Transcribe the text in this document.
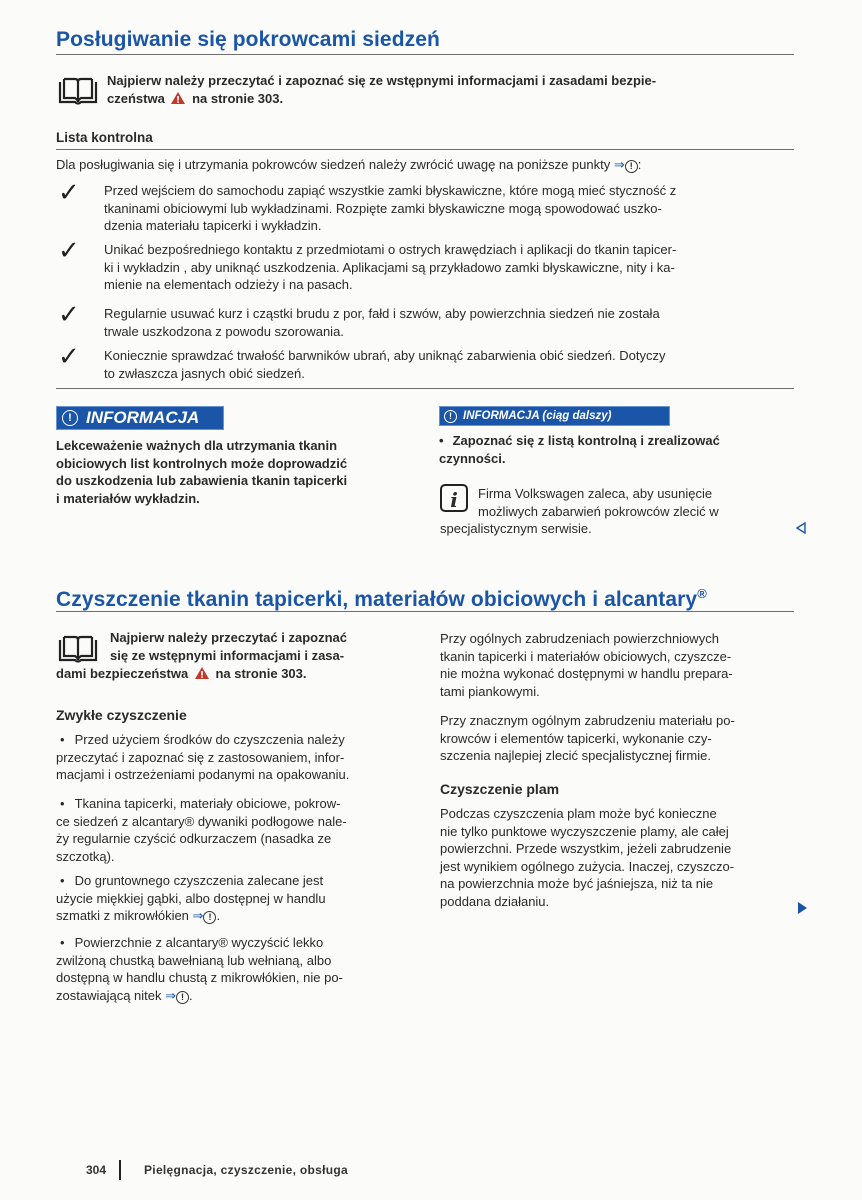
Posługiwanie się pokrowcami siedzeń
Najpierw należy przeczytać i zapoznać się ze wstępnymi informacjami i zasadami bezpie-
czeństwa na stronie 303.
Lista kontrolna
Dla posługiwania się i utrzymania pokrowców siedzeń należy zwrócić uwagę na poniższe punkty ⇒ ! :
✓ Przed wejściem do samochodu zapiąć wszystkie zamki błyskawiczne, które mogą mieć styczność z
tkaninami obiciowymi lub wykładzinami. Rozpięte zamki błyskawiczne mogą spowodować uszko-
dzenia materiału tapicerki i wykładzin.
✓ Unikać bezpośredniego kontaktu z przedmiotami o ostrych krawędziach i aplikacji do tkanin tapicer-
ki i wykładzin , aby uniknąć uszkodzenia. Aplikacjami są przykładowo zamki błyskawiczne, nity i ka-
mienie na elementach odzieży i na pasach.
✓ Regularnie usuwać kurz i cząstki brudu z por, fałd i szwów, aby powierzchnia siedzeń nie została
trwale uszkodzona z powodu szorowania.
✓ Koniecznie sprawdzać trwałość barwników ubrań, aby uniknąć zabarwienia obić siedzeń. Dotyczy
to zwłaszcza jasnych obić siedzeń.
! INFORMACJA
Lekceważenie ważnych dla utrzymania tkanin
obiciowych list kontrolnych może doprowadzić
do uszkodzenia lub zabawienia tkanin tapicerki
i materiałów wykładzin.
! INFORMACJA (ciąg dalszy)
• Zapoznać się z listą kontrolną i zrealizować
czynności.
i	Firma Volkswagen zaleca, aby usunięcie
możliwych zabarwień pokrowców zlecić w
specjalistycznym serwisie.
Czyszczenie tkanin tapicerki, materiałów obiciowych i alcantary®
Najpierw należy przeczytać i zapoznać
się ze wstępnymi informacjami i zasa-
dami bezpieczeństwa na stronie 303.
Zwykłe czyszczenie
• Przed użyciem środków do czyszczenia należy
przeczytać i zapoznać się z zastosowaniem, infor-
macjami i ostrzeżeniami podanymi na opakowaniu.
• Tkanina tapicerki, materiały obiciowe, pokrow-
ce siedzeń z alcantary® dywaniki podłogowe nale-
ży regularnie czyścić odkurzaczem (nasadka ze
szczotką).
• Do gruntownego czyszczenia zalecane jest
użycie miękkiej gąbki, albo dostępnej w handlu
szmatki z mikrowłókien ⇒ ! .
• Powierzchnie z alcantary® wyczyścić lekko
zwilżoną chustką bawełnianą lub wełnianą, albo
dostępną w handlu chustą z mikrowłókien, nie po-
zostawiającą nitek ⇒ ! .
Przy ogólnych zabrudzeniach powierzchniowych
tkanin tapicerki i materiałów obiciowych, czyszcze-
nie można wykonać dostępnymi w handlu prepara-
tami piankowymi.
Przy znacznym ogólnym zabrudzeniu materiału po-
krowców i elementów tapicerki, wykonanie czy-
szczenia najlepiej zlecić specjalistycznej firmie.
Czyszczenie plam
Podczas czyszczenia plam może być konieczne
nie tylko punktowe wyczyszczenie plamy, ale całej
powierzchni. Przede wszystkim, jeżeli zabrudzenie
jest wynikiem ogólnego zużycia. Inaczej, czyszczo-
na powierzchnia może być jaśniejsza, niż ta nie
poddana działaniu.
304	Pielęgnacja, czyszczenie, obsługa
